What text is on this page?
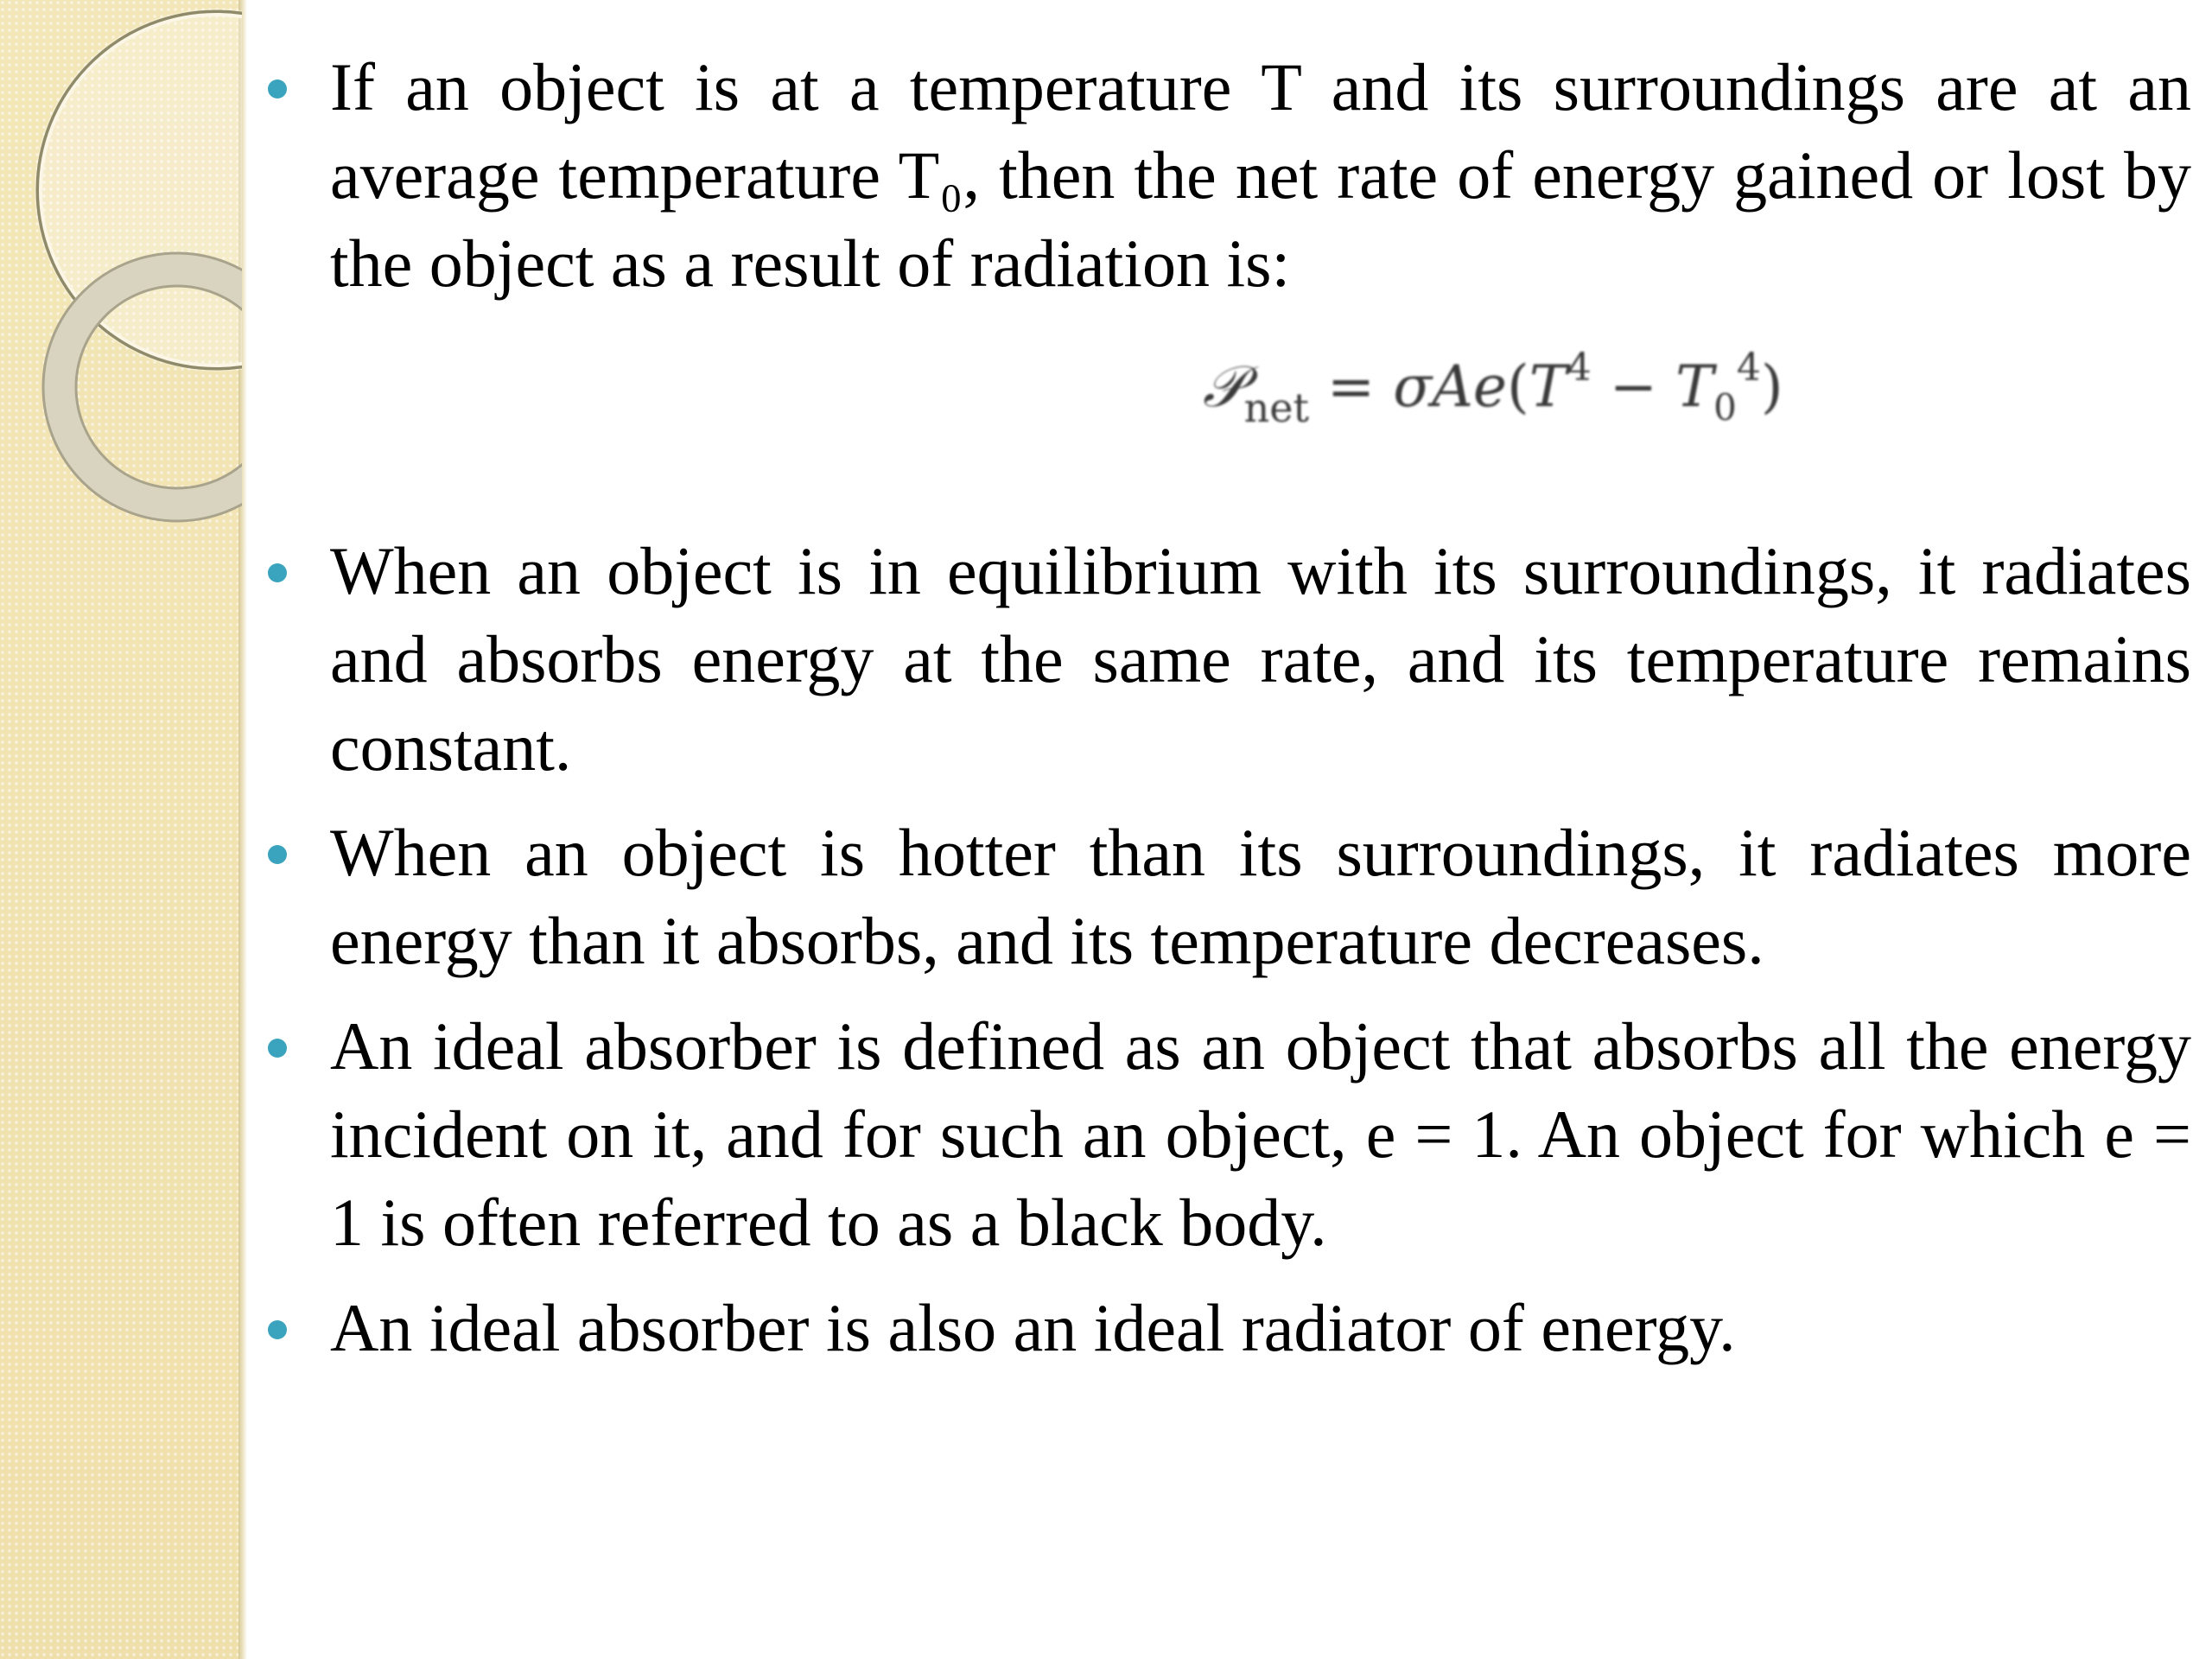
If an object is at a temperature T and its surroundings are at an average temperature T₀, then the net rate of energy gained or lost by the object as a result of radiation is:
𝒫$_{net}$ = $\sigma Ae(T^4 - T_0^4)$
When an object is in equilibrium with its surroundings, it radiates and absorbs energy at the same rate, and its temperature remains constant.
When an object is hotter than its surroundings, it radiates more energy than it absorbs, and its temperature decreases.
An ideal absorber is defined as an object that absorbs all the energy incident on it, and for such an object, e = 1. An object for which e = 1 is often referred to as a black body.
An ideal absorber is also an ideal radiator of energy.
